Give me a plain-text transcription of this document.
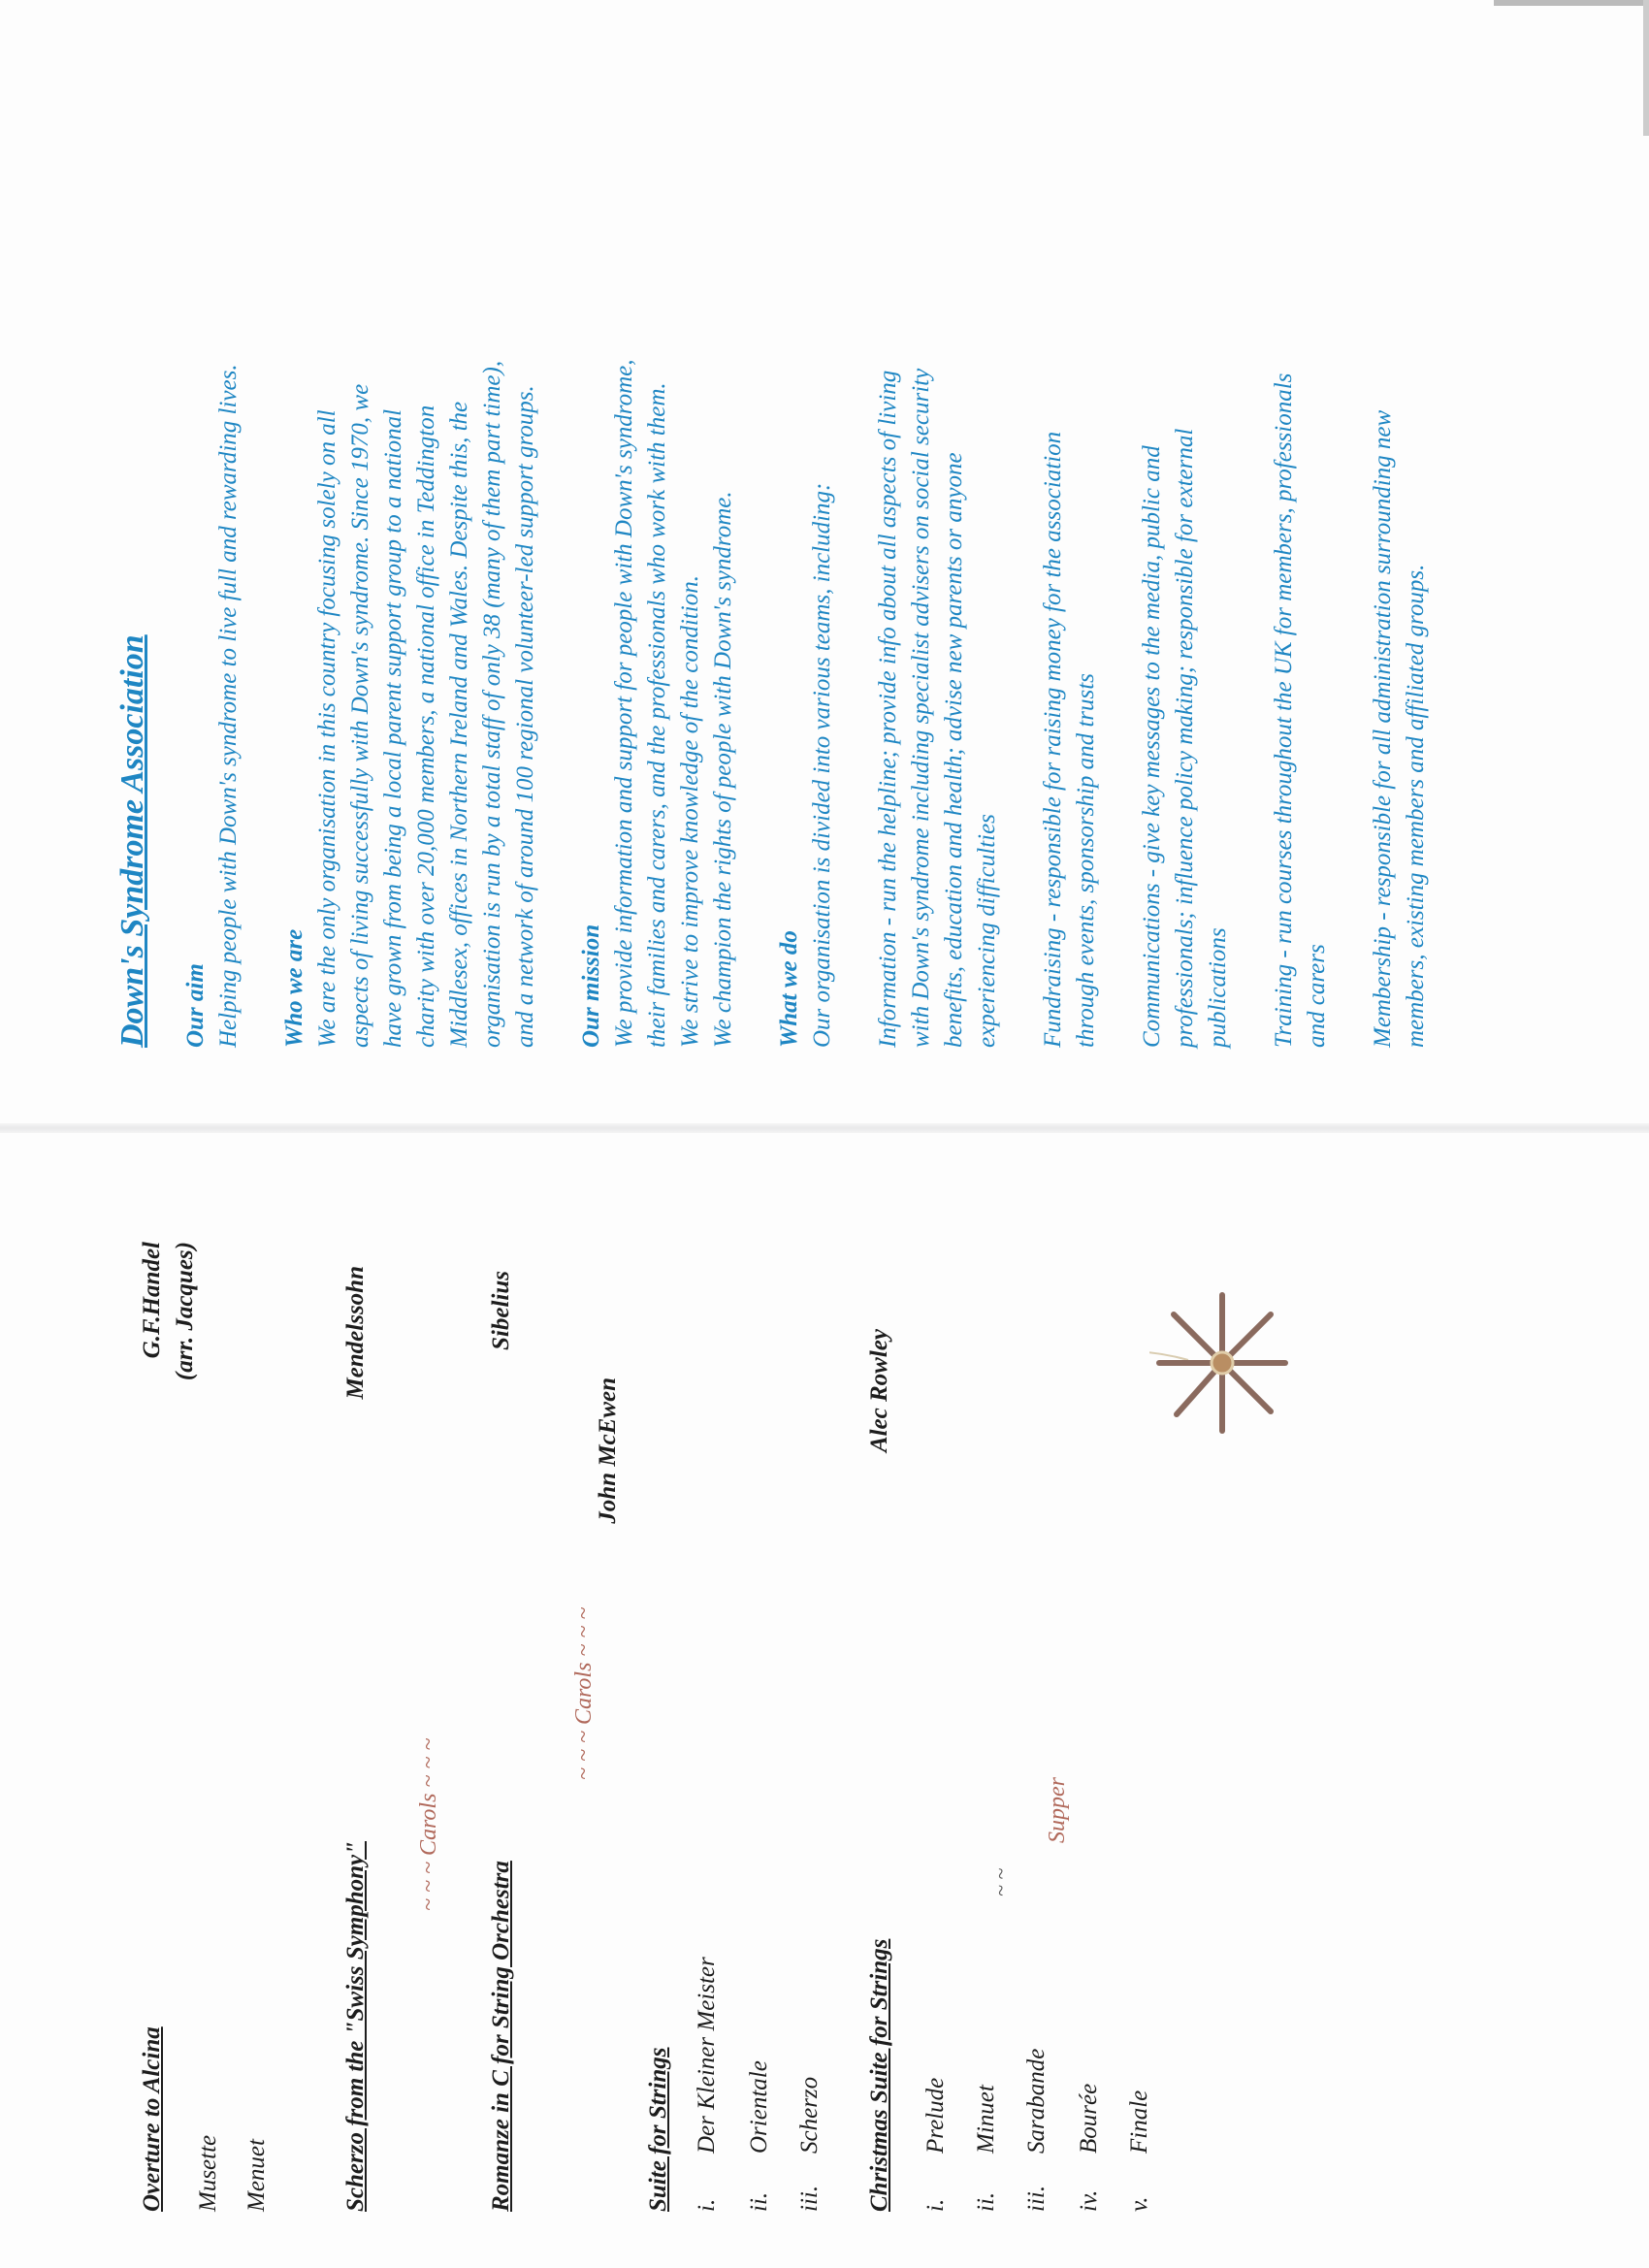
Down's Syndrome Association Our aim Helping people with Down's syndrome to live full and rewarding lives. Who we are We are the only organisation in this country focusing solely on all aspects of living successfully with Down's syndrome. Since 1970, we have grown from being a local parent support group to a national charity with over 20,000 members, a national office in Teddington Middlesex, offices in Northern Ireland and Wales. Despite this, the organisation is run by a total staff of only 38 (many of them part time), and a network of around 100 regional volunteer-led support groups. Our mission We provide information and support for people with Down's syndrome, their families and carers, and the professionals who work with them. We strive to improve knowledge of the condition. We champion the rights of people with Down's syndrome. What we do Our organisation is divided into various teams, including: Information - run the helpline; provide info about all aspects of living with Down's syndrome including specialist advisers on social security benefits, education and health; advise new parents or anyone experiencing difficulties Fundraising - responsible for raising money for the association through events, sponsorship and trusts Communications - give key messages to the media, public and professionals; influence policy making; responsible for external publications Training - run courses throughout the UK for members, professionals and carers Membership - responsible for all administration surrounding new members, existing members and affiliated groups.
Overture to Alcina
G.F.Handel (arr. Jacques)
Musette Menuet	Scherzo from the "Swiss Symphony"
Mendelssohn
~ ~ ~ Carols ~ ~ ~
Romanze in C for String Orchestra
Sibelius
~ ~ ~ Carols ~ ~ ~
John McEwen
Suite for Strings i.
Der Kleiner Meister
ii.
Orientale
iii.
Scherzo Christmas Suite for Strings
Alec Rowley
i.
Prelude
ii.
Minuet
iii.
Sarabande
iv.
Bourée
v.
Finale
~ ~
Supper
